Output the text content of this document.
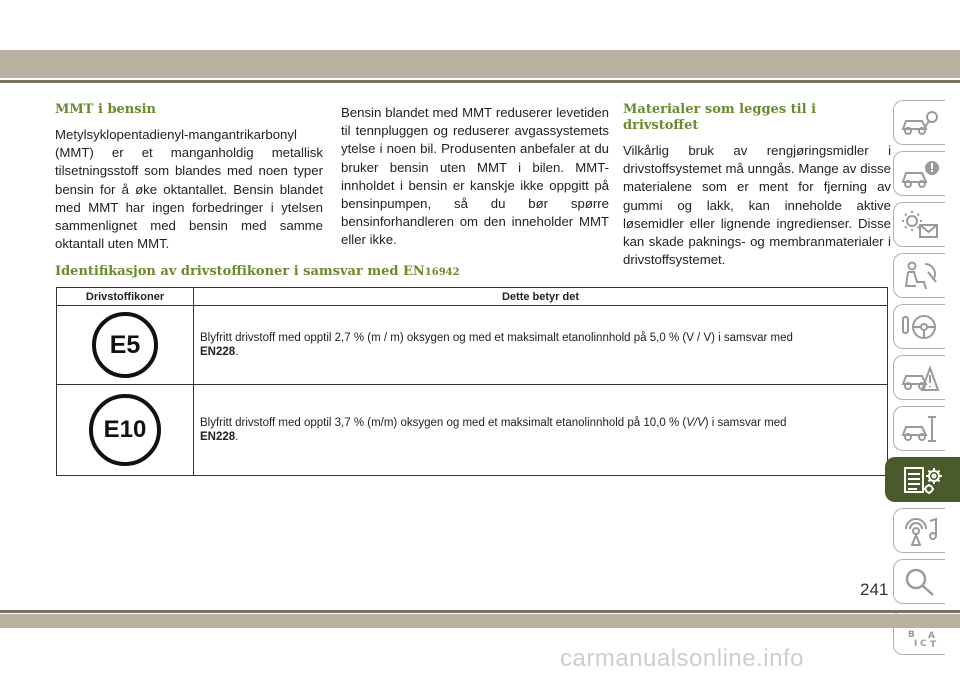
MMT i bensin

Metylsyklopentadienyl-mangantrikarbonyl (MMT) er et manganholdig metallisk tilsetningsstoff som blandes med noen typer bensin for å øke oktantallet. Bensin blandet med MMT har ingen forbedringer i ytelsen sammenlignet med bensin med samme oktantall uten MMT.

Bensin blandet med MMT reduserer levetiden til tennpluggen og reduserer avgassystemets ytelse i noen bil. Produsenten anbefaler at du bruker bensin uten MMT i bilen. MMT-innholdet i bensin er kanskje ikke oppgitt på bensinpumpen, så du bør spørre bensinforhandleren om den inneholder MMT eller ikke.

Materialer som legges til i drivstoffet

Vilkårlig bruk av rengjøringsmidler i drivstoffsystemet må unngås. Mange av disse materialene som er ment for fjerning av gummi og lakk, kan inneholde aktive løsemidler eller lignende ingredienser. Disse kan skade paknings- og membranmaterialer i drivstoffsystemet.

Identifikasjon av drivstoffikoner i samsvar med EN16942
Drivstoffikoner	Dette betyr det
E5	Blyfritt drivstoff med opptil 2,7 % (m / m) oksygen og med et maksimalt etanolinnhold på 5,0 % (V / V) i samsvar med
EN228.
E10	Blyfritt drivstoff med opptil 3,7 % (m/m) oksygen og med et maksimalt etanolinnhold på 10,0 % (V/V) i samsvar med
EN228.
B A
I C T
241
carmanualsonline.info
